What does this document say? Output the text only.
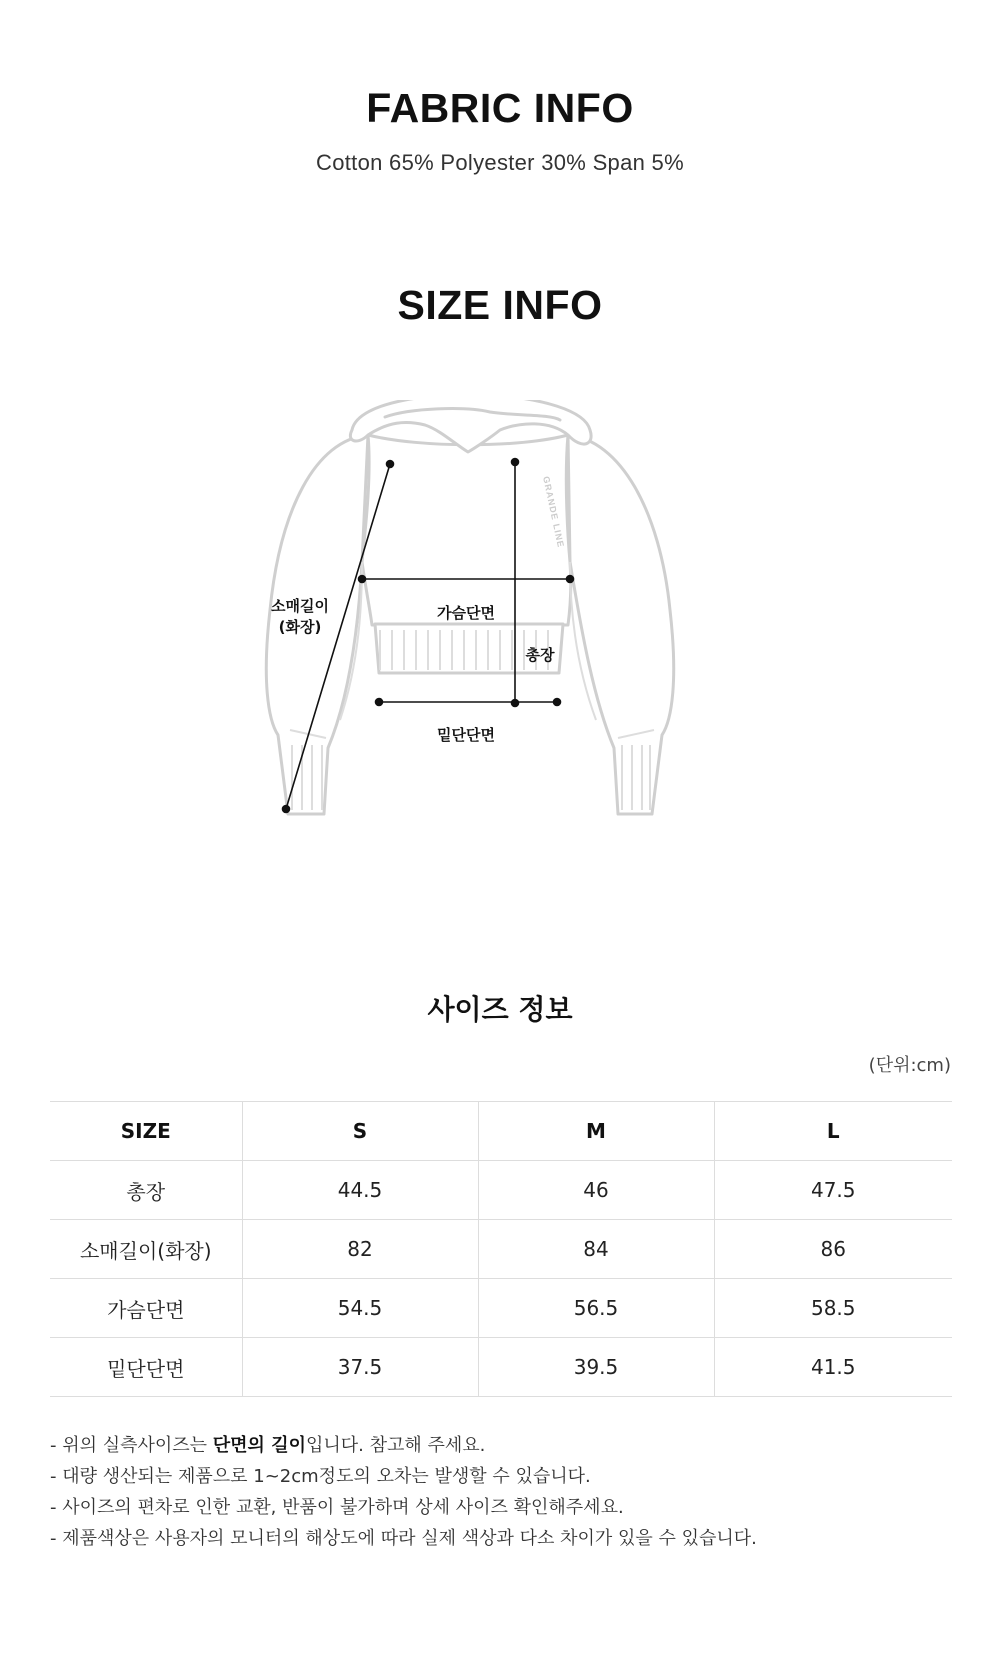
FABRIC INFO
Cotton 65% Polyester 30% Span 5%
SIZE INFO
GRANDE LINE
소매길이
(화장)
가슴단면
총장
밑단단면
사이즈 정보
(단위:cm)
SIZE	S	M	L
총장	44.5	46	47.5
소매길이(화장)	82	84	86
가슴단면	54.5	56.5	58.5
밑단단면	37.5	39.5	41.5
- 위의 실측사이즈는 단면의 길이입니다. 참고해 주세요.
- 대량 생산되는 제품으로 1~2cm정도의 오차는 발생할 수 있습니다.
- 사이즈의 편차로 인한 교환, 반품이 불가하며 상세 사이즈 확인해주세요.
- 제품색상은 사용자의 모니터의 해상도에 따라 실제 색상과 다소 차이가 있을 수 있습니다.
